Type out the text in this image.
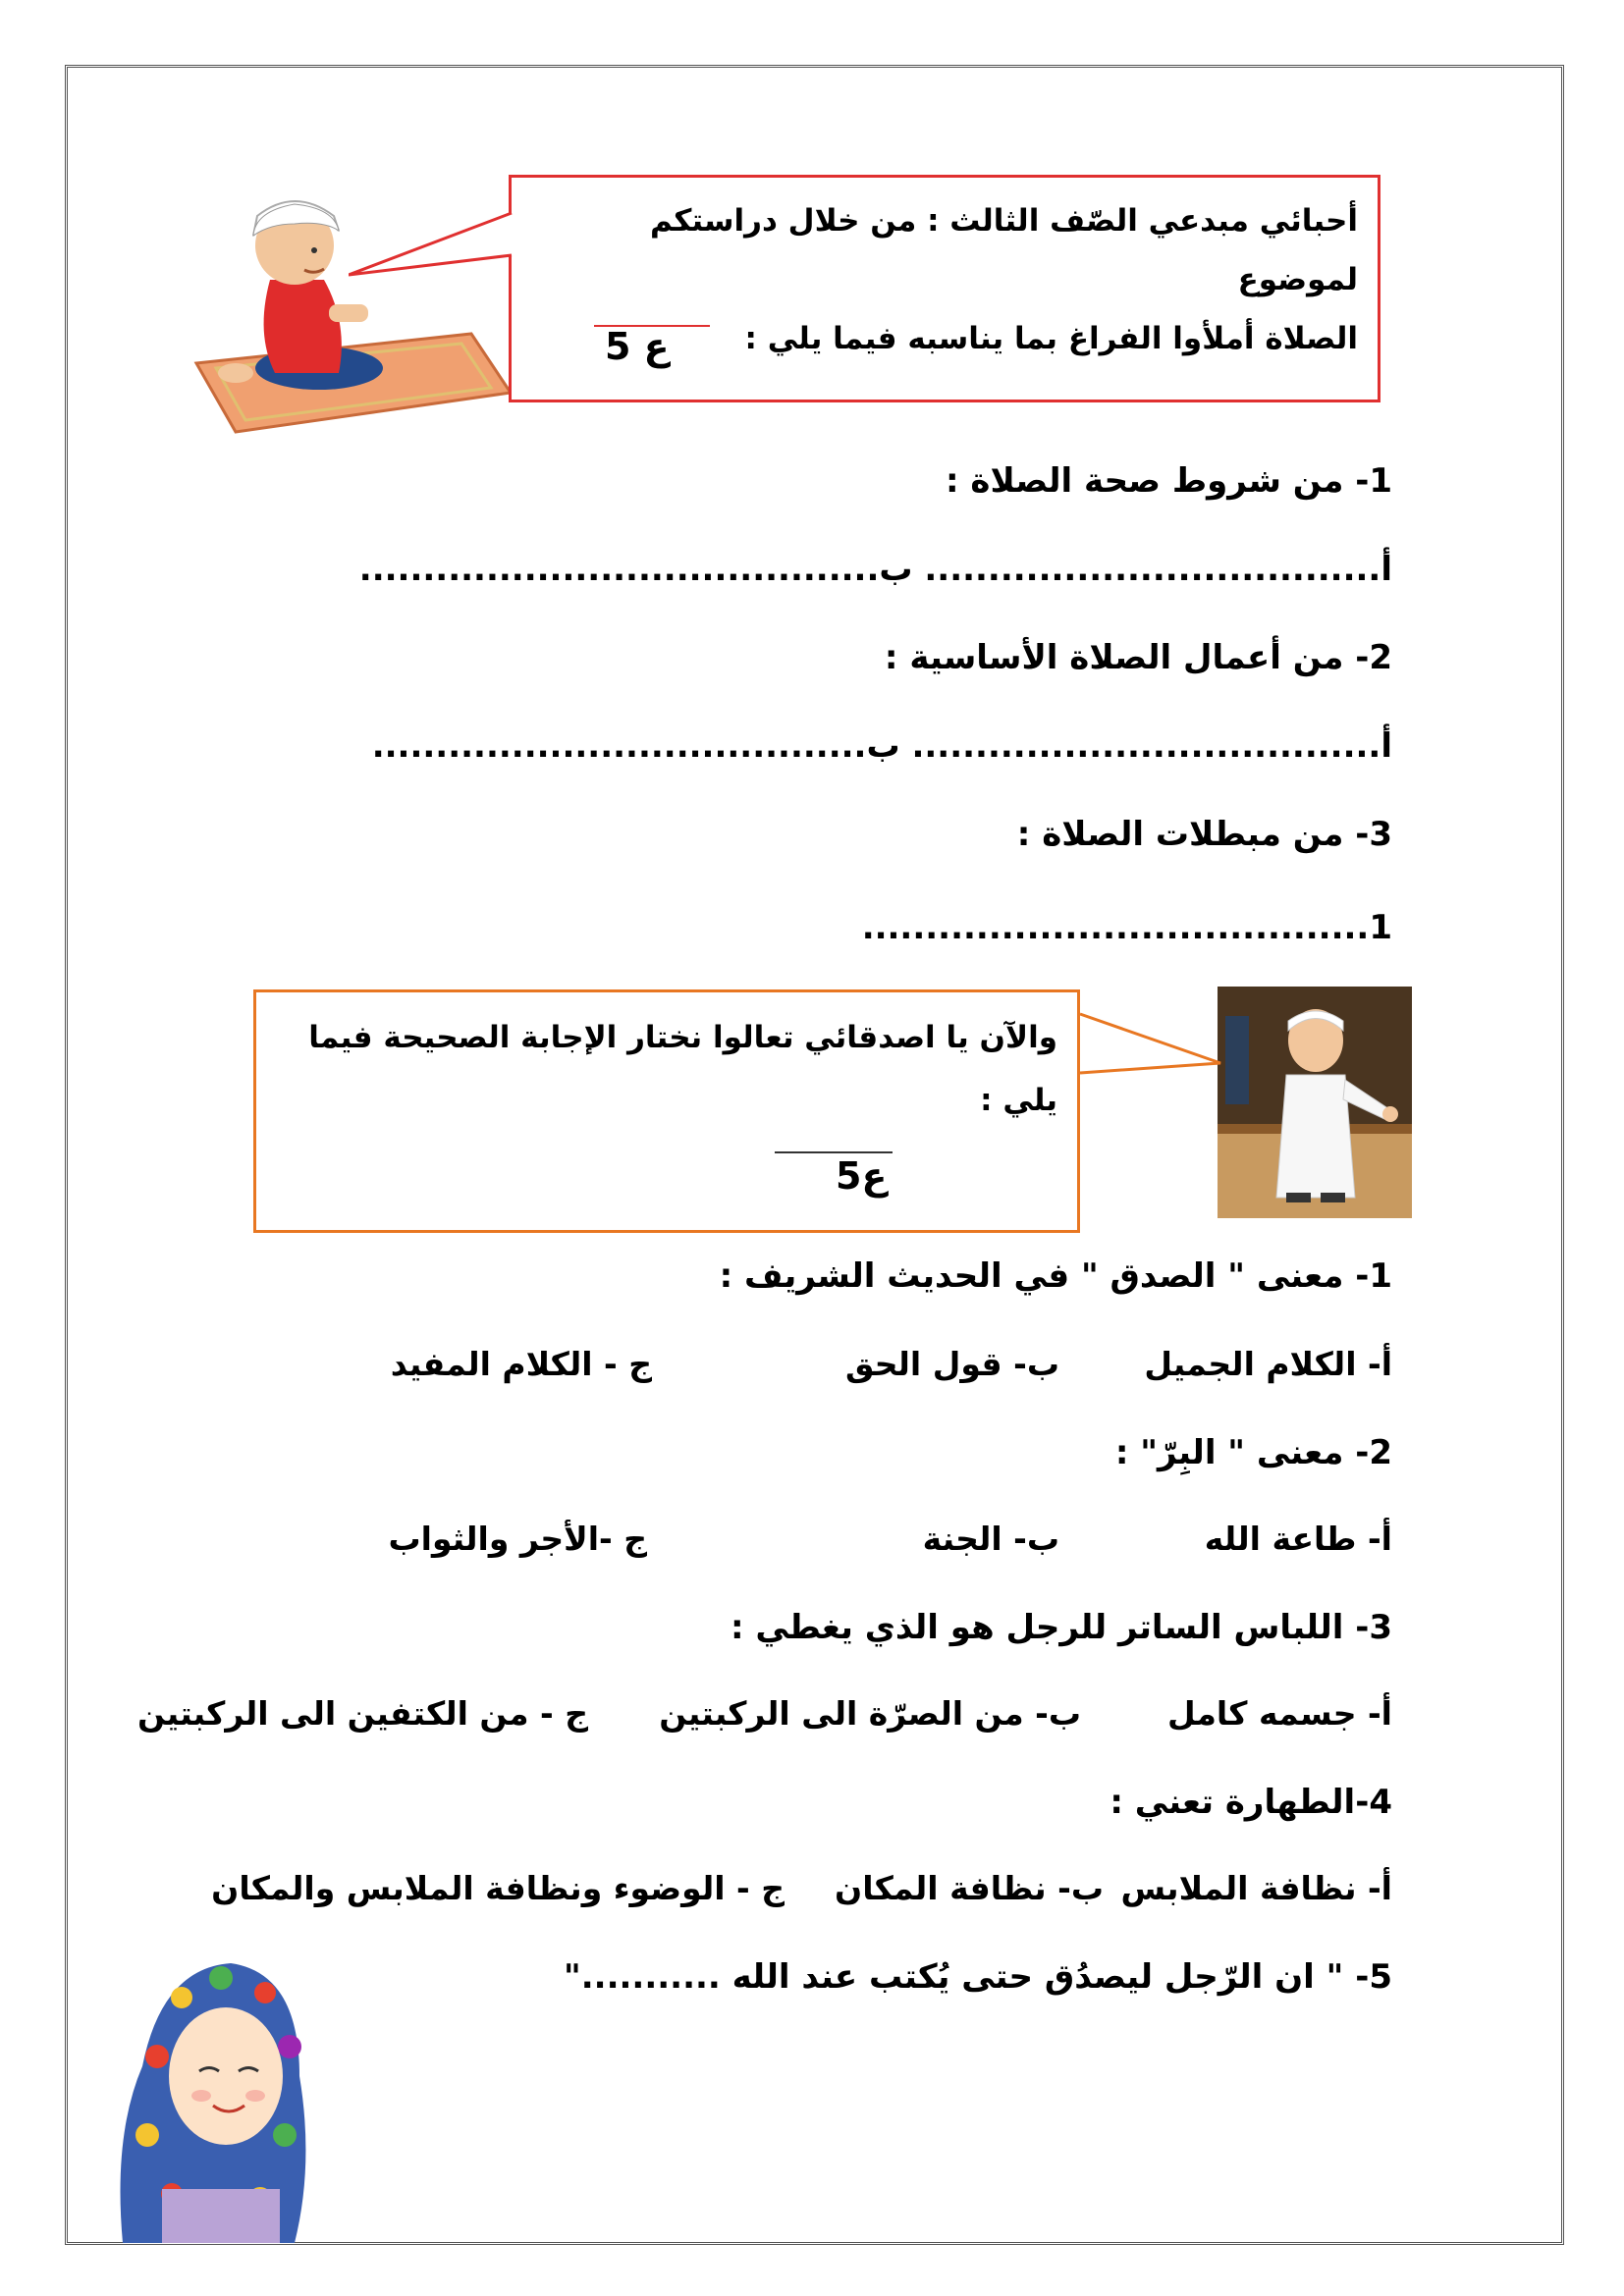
أحبائي مبدعي الصّف الثالث : من خلال دراستكم لموضوع
الصلاة أملأوا الفراغ بما يناسبه فيما يلي :
5 ع
1- من شروط صحة الصلاة :
أ.................................... ب.........................................
2- من أعمال الصلاة الأساسية :
أ..................................... ب.......................................
3- من مبطلات الصلاة :
1........................................
والآن يا اصدقائي تعالوا نختار الإجابة الصحيحة فيما
يلي :
ع5
1- معنى " الصدق " في الحديث الشريف :
أ- الكلام الجميل
ب- قول الحق
ج - الكلام المفيد
2- معنى " البِرّ" :
أ- طاعة الله
ب- الجنة
ج -الأجر والثواب
3- اللباس الساتر للرجل هو الذي يغطي :
أ- جسمه كامل
ب- من الصرّة الى الركبتين
ج - من الكتفين الى الركبتين
4-الطهارة تعني :
أ- نظافة الملابس
ب- نظافة المكان
ج - الوضوء ونظافة الملابس والمكان
5- " ان الرّجل ليصدُق حتى يُكتب عند الله ..........."
